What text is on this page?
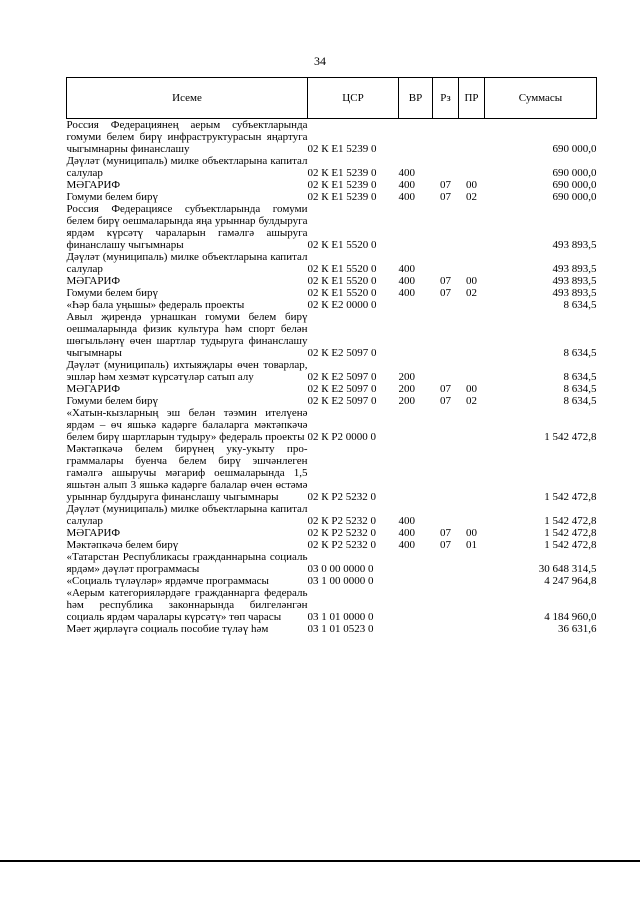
34
Исеме	ЦСР	ВР	Рз	ПР	Суммасы
Россия Федерациянең аерым субъектларында гомуми белем бирү инфраструктурасын яңартуга чыгымнарны финанслашу	02 К Е1 5239 0				690 000,0
Дәүләт (муниципаль) милке объектларына капитал салулар	02 К Е1 5239 0	400			690 000,0
МӘГАРИФ	02 К Е1 5239 0	400	07	00	690 000,0
Гомуми белем бирү	02 К Е1 5239 0	400	07	02	690 000,0
Россия Федерациясе субъектларында гомуми белем бирү оешмаларында яңа урыннар булдыруга ярдәм күрсәтү чараларын гамәлгә ашыруга финанслашу чыгымнары	02 К Е1 5520 0				493 893,5
Дәүләт (муниципаль) милке объектларына капитал салулар	02 К Е1 5520 0	400			493 893,5
МӘГАРИФ	02 К Е1 5520 0	400	07	00	493 893,5
Гомуми белем бирү	02 К Е1 5520 0	400	07	02	493 893,5
«Һәр бала уңышы» федераль проекты	02 К Е2 0000 0				8 634,5
Авыл җирендә урнашкан гомуми белем бирү оешмаларында физик культура һәм спорт белән шөгыльләнү өчен шартлар тудыруга финанслашу чыгымнары	02 К Е2 5097 0				8 634,5
Дәүләт (муниципаль) ихтыяҗлары өчен товарлар, эшләр һәм хезмәт күрсәтүләр сатып алу	02 К Е2 5097 0	200			8 634,5
МӘГАРИФ	02 К Е2 5097 0	200	07	00	8 634,5
Гомуми белем бирү	02 К Е2 5097 0	200	07	02	8 634,5
«Хатын-кызларның эш белән тәэмин ителүенә ярдәм – өч яшькә кадәрге балаларга мәктәпкәчә белем бирү шартларын тудыру» федераль проекты	02 К Р2 0000 0				1 542 472,8
Мәктәпкәчә белем бирүнең уку-укыту программалары буенча белем бирү эшчәнлеген гамәлгә ашыручы мәгариф оешмаларында 1,5 яшьтән алып 3 яшькә кадәрге балалар өчен өстәмә урыннар булдыруга финанслашу чыгымнары	02 К Р2 5232 0				1 542 472,8
Дәүләт (муниципаль) милке объектларына капитал салулар	02 К Р2 5232 0	400			1 542 472,8
МӘГАРИФ	02 К Р2 5232 0	400	07	00	1 542 472,8
Мәктәпкәчә белем бирү	02 К Р2 5232 0	400	07	01	1 542 472,8
«Татарстан Республикасы гражданнарына социаль ярдәм» дәүләт программасы	03 0 00 0000 0				30 648 314,5
«Социаль түләүләр» ярдәмче программасы	03 1 00 0000 0				4 247 964,8
«Аерым категорияләрдәге гражданнарга федераль һәм республика законнарында билгеләнгән социаль ярдәм чаралары күрсәтү» төп чарасы	03 1 01 0000 0				4 184 960,0
Мәет җирләүгә социаль пособие түләү һәм	03 1 01 0523 0				36 631,6
